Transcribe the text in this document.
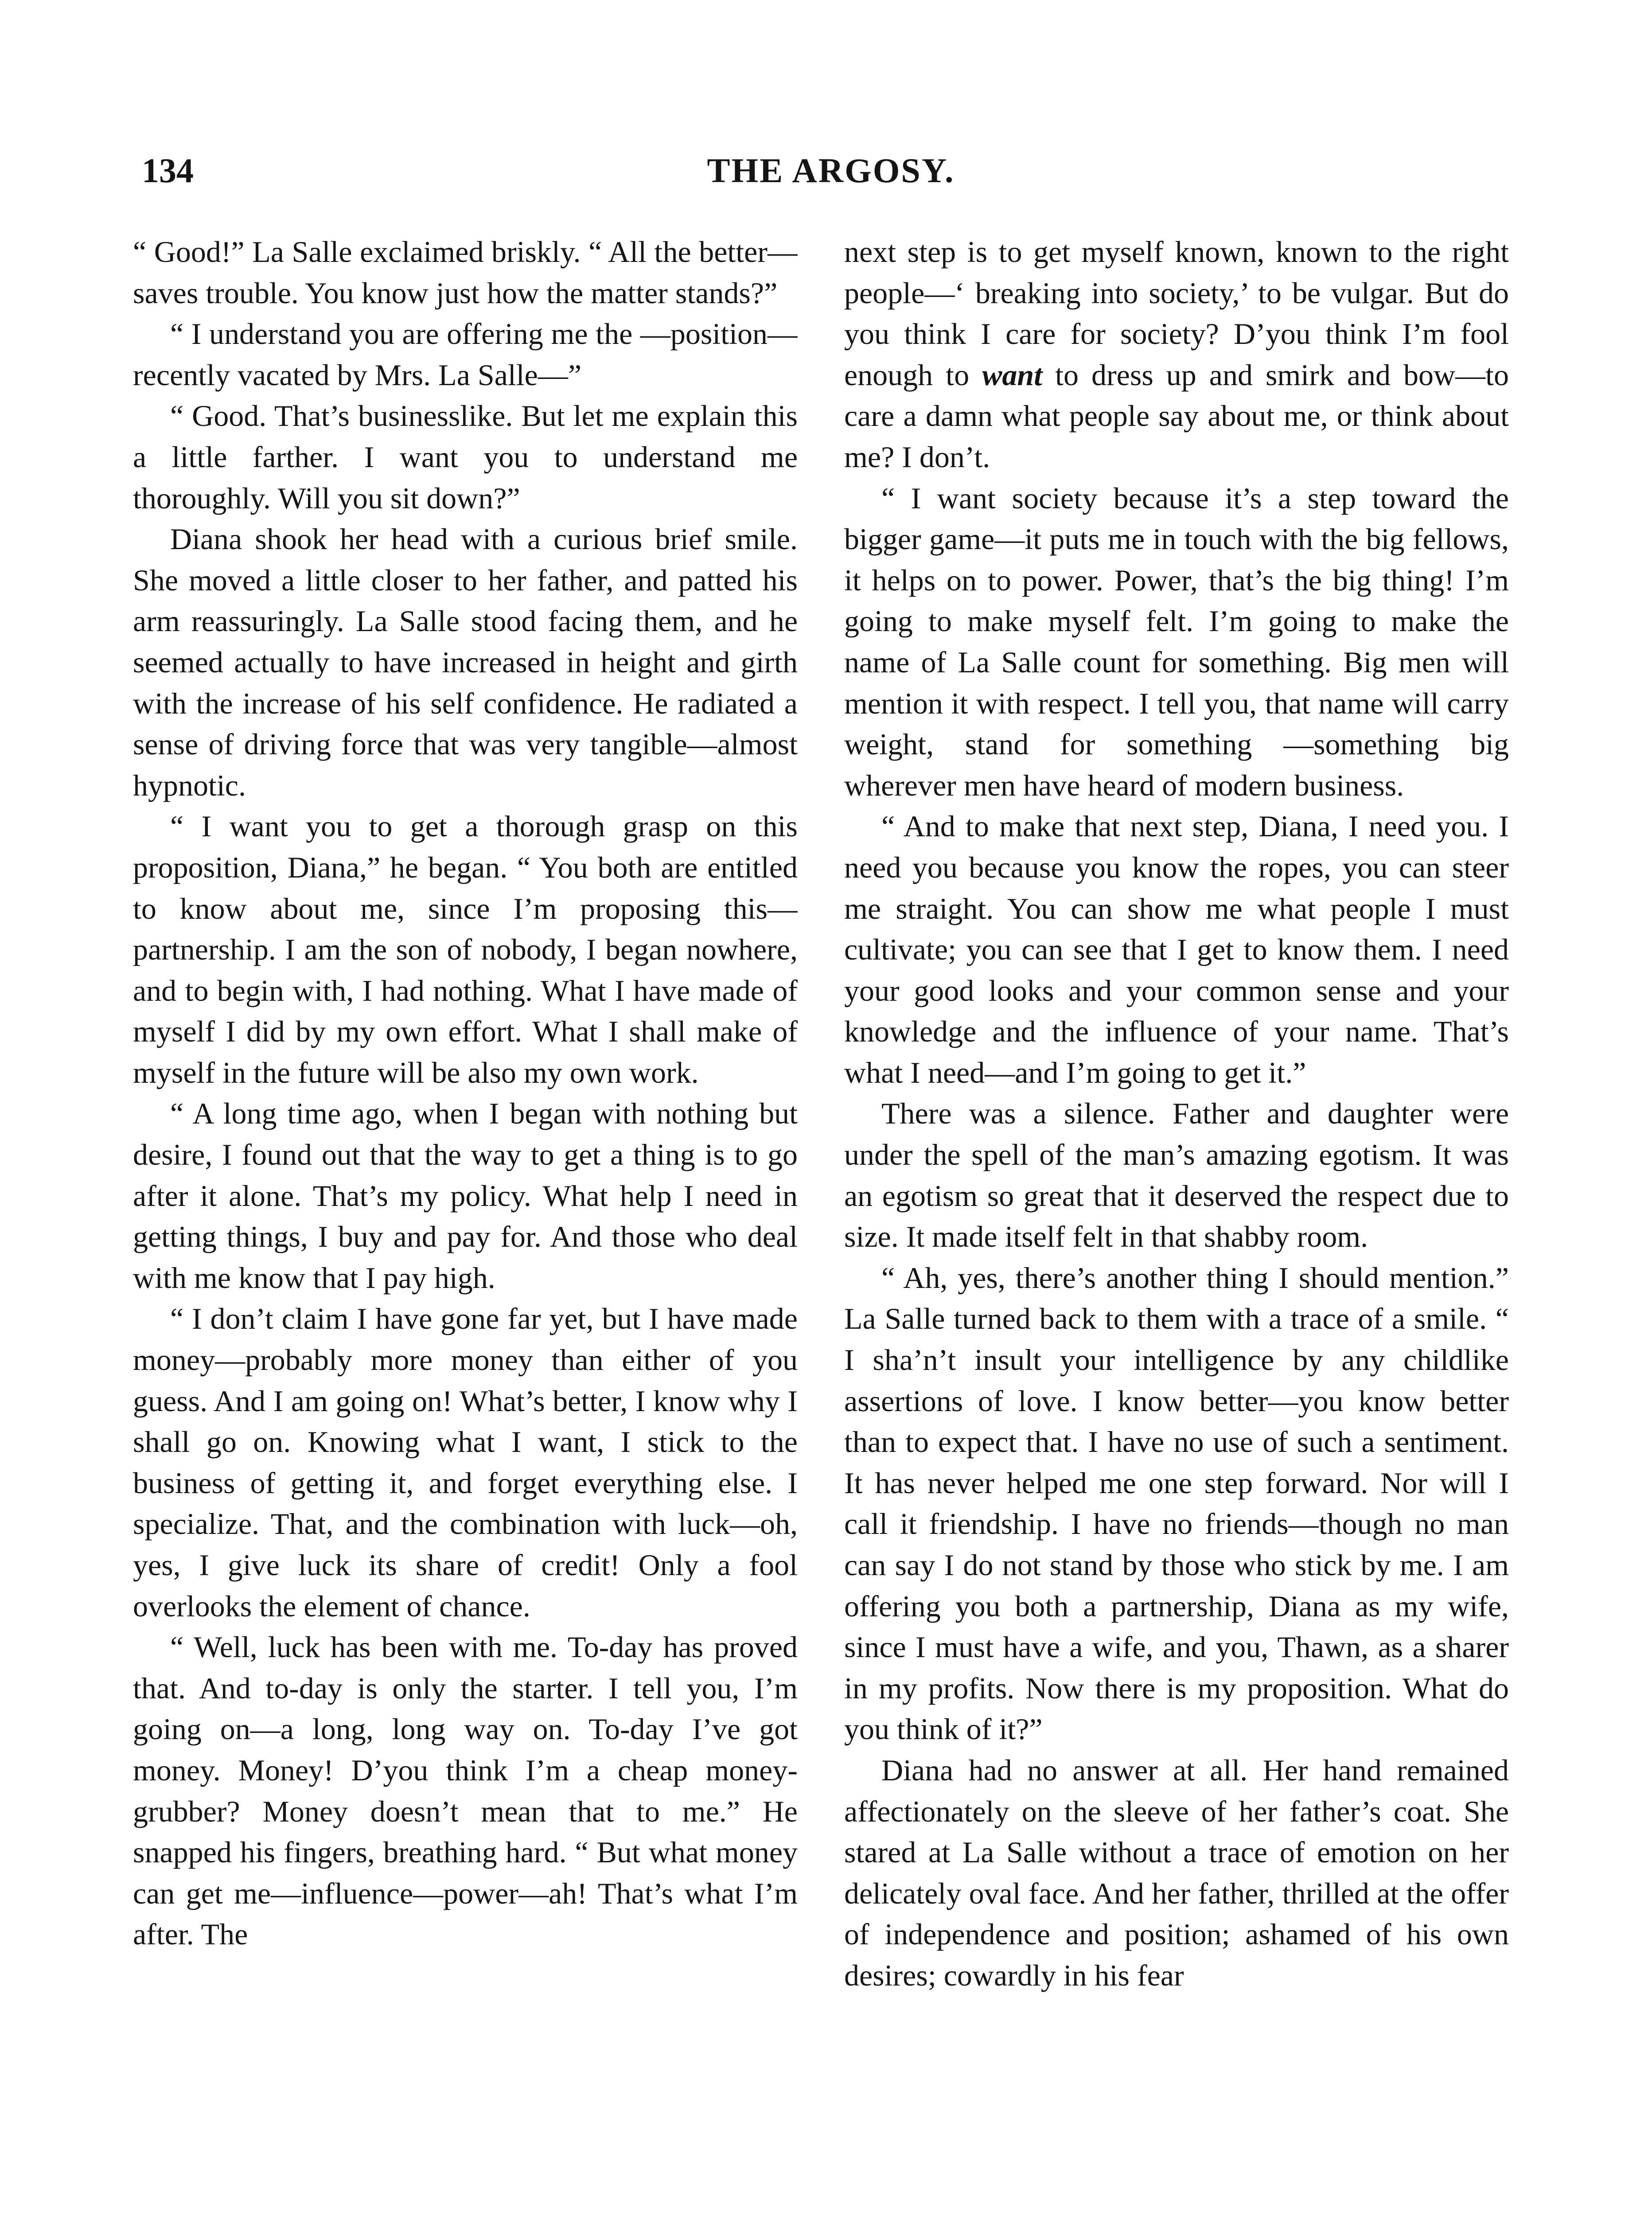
134	THE ARGOSY.

“ Good!” La Salle exclaimed briskly. “ All the better—saves trouble. You know just how the matter stands?”

“ I understand you are offering me the —position—recently vacated by Mrs. La Salle—”

“ Good. That’s businesslike. But let me explain this a little farther. I want you to understand me thoroughly. Will you sit down?”

Diana shook her head with a curious brief smile. She moved a little closer to her father, and patted his arm reassuringly. La Salle stood facing them, and he seemed actually to have increased in height and girth with the increase of his self confidence. He radiated a sense of driving force that was very tangible—almost hypnotic.

“ I want you to get a thorough grasp on this proposition, Diana,” he began. “ You both are entitled to know about me, since I’m proposing this—partnership. I am the son of nobody, I began nowhere, and to begin with, I had nothing. What I have made of myself I did by my own effort. What I shall make of myself in the future will be also my own work.

“ A long time ago, when I began with nothing but desire, I found out that the way to get a thing is to go after it alone. That’s my policy. What help I need in getting things, I buy and pay for. And those who deal with me know that I pay high.

“ I don’t claim I have gone far yet, but I have made money—probably more money than either of you guess. And I am going on! What’s better, I know why I shall go on. Knowing what I want, I stick to the business of getting it, and forget everything else. I specialize. That, and the combination with luck—oh, yes, I give luck its share of credit! Only a fool overlooks the element of chance.

“ Well, luck has been with me. To-day has proved that. And to-day is only the starter. I tell you, I’m going on—a long, long way on. To-day I’ve got money. Money! D’you think I’m a cheap money-grubber? Money doesn’t mean that to me.” He snapped his fingers, breathing hard. “ But what money can get me—influence—power—ah! That’s what I’m after. The

next step is to get myself known, known to the right people—‘ breaking into society,’ to be vulgar. But do you think I care for society? D’you think I’m fool enough to want to dress up and smirk and bow—to care a damn what people say about me, or think about me? I don’t.

“ I want society because it’s a step toward the bigger game—it puts me in touch with the big fellows, it helps on to power. Power, that’s the big thing! I’m going to make myself felt. I’m going to make the name of La Salle count for something. Big men will mention it with respect. I tell you, that name will carry weight, stand for something —something big wherever men have heard of modern business.

“ And to make that next step, Diana, I need you. I need you because you know the ropes, you can steer me straight. You can show me what people I must cultivate; you can see that I get to know them. I need your good looks and your common sense and your knowledge and the influence of your name. That’s what I need—and I’m going to get it.”

There was a silence. Father and daughter were under the spell of the man’s amazing egotism. It was an egotism so great that it deserved the respect due to size. It made itself felt in that shabby room.

“ Ah, yes, there’s another thing I should mention.” La Salle turned back to them with a trace of a smile. “ I sha’n’t insult your intelligence by any childlike assertions of love. I know better—you know better than to expect that. I have no use of such a sentiment. It has never helped me one step forward. Nor will I call it friendship. I have no friends—though no man can say I do not stand by those who stick by me. I am offering you both a partnership, Diana as my wife, since I must have a wife, and you, Thawn, as a sharer in my profits. Now there is my proposition. What do you think of it?”

Diana had no answer at all. Her hand remained affectionately on the sleeve of her father’s coat. She stared at La Salle without a trace of emotion on her delicately oval face. And her father, thrilled at the offer of independence and position; ashamed of his own desires; cowardly in his fear
